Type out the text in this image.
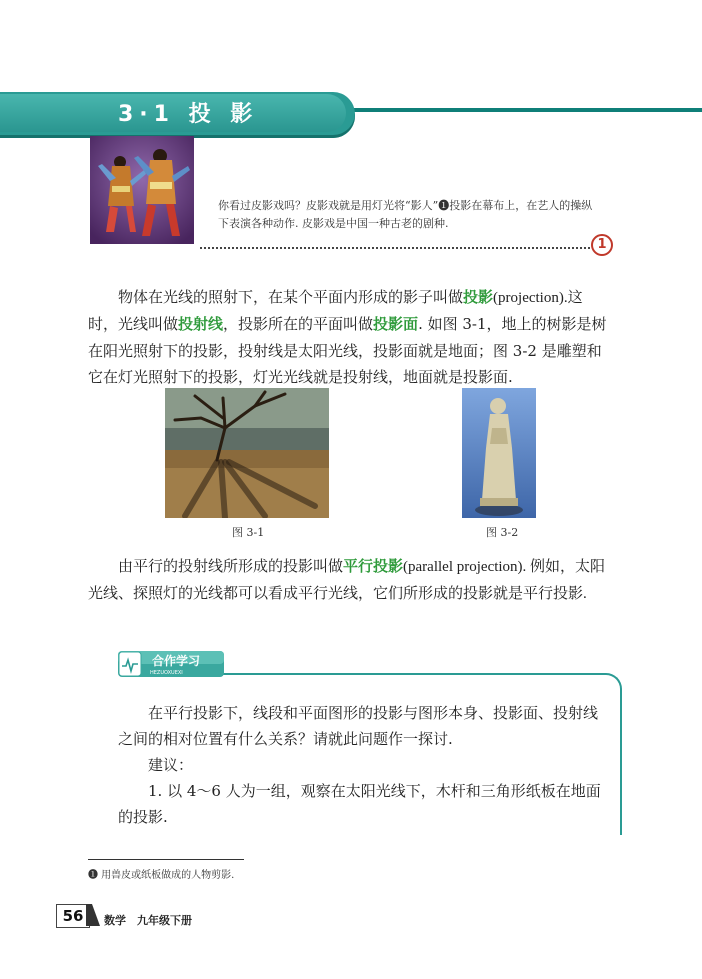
3·1 投 影
你看过皮影戏吗？皮影戏就是用灯光将“影人”❶投影在幕布上，在艺人的操纵下表演各种动作. 皮影戏是中国一种古老的剧种.
1
物体在光线的照射下，在某个平面内形成的影子叫做投影(projection).这时，光线叫做投射线，投影所在的平面叫做投影面. 如图 3-1，地上的树影是树在阳光照射下的投影，投射线是太阳光线，投影面就是地面；图 3-2 是雕塑和它在灯光照射下的投影，灯光光线就是投射线，地面就是投影面.
图 3-1	图 3-2
由平行的投射线所形成的投影叫做平行投影(parallel projection). 例如，太阳光线、探照灯的光线都可以看成平行光线，它们所形成的投影就是平行投影.
合作学习
HEZUOXUEXI
在平行投影下，线段和平面图形的投影与图形本身、投影面、投射线之间的相对位置有什么关系？请就此问题作一探讨.
建议：
1. 以 4～6 人为一组，观察在太阳光线下，木杆和三角形纸板在地面的投影.
❶ 用兽皮或纸板做成的人物剪影.
56	数学　九年级下册
